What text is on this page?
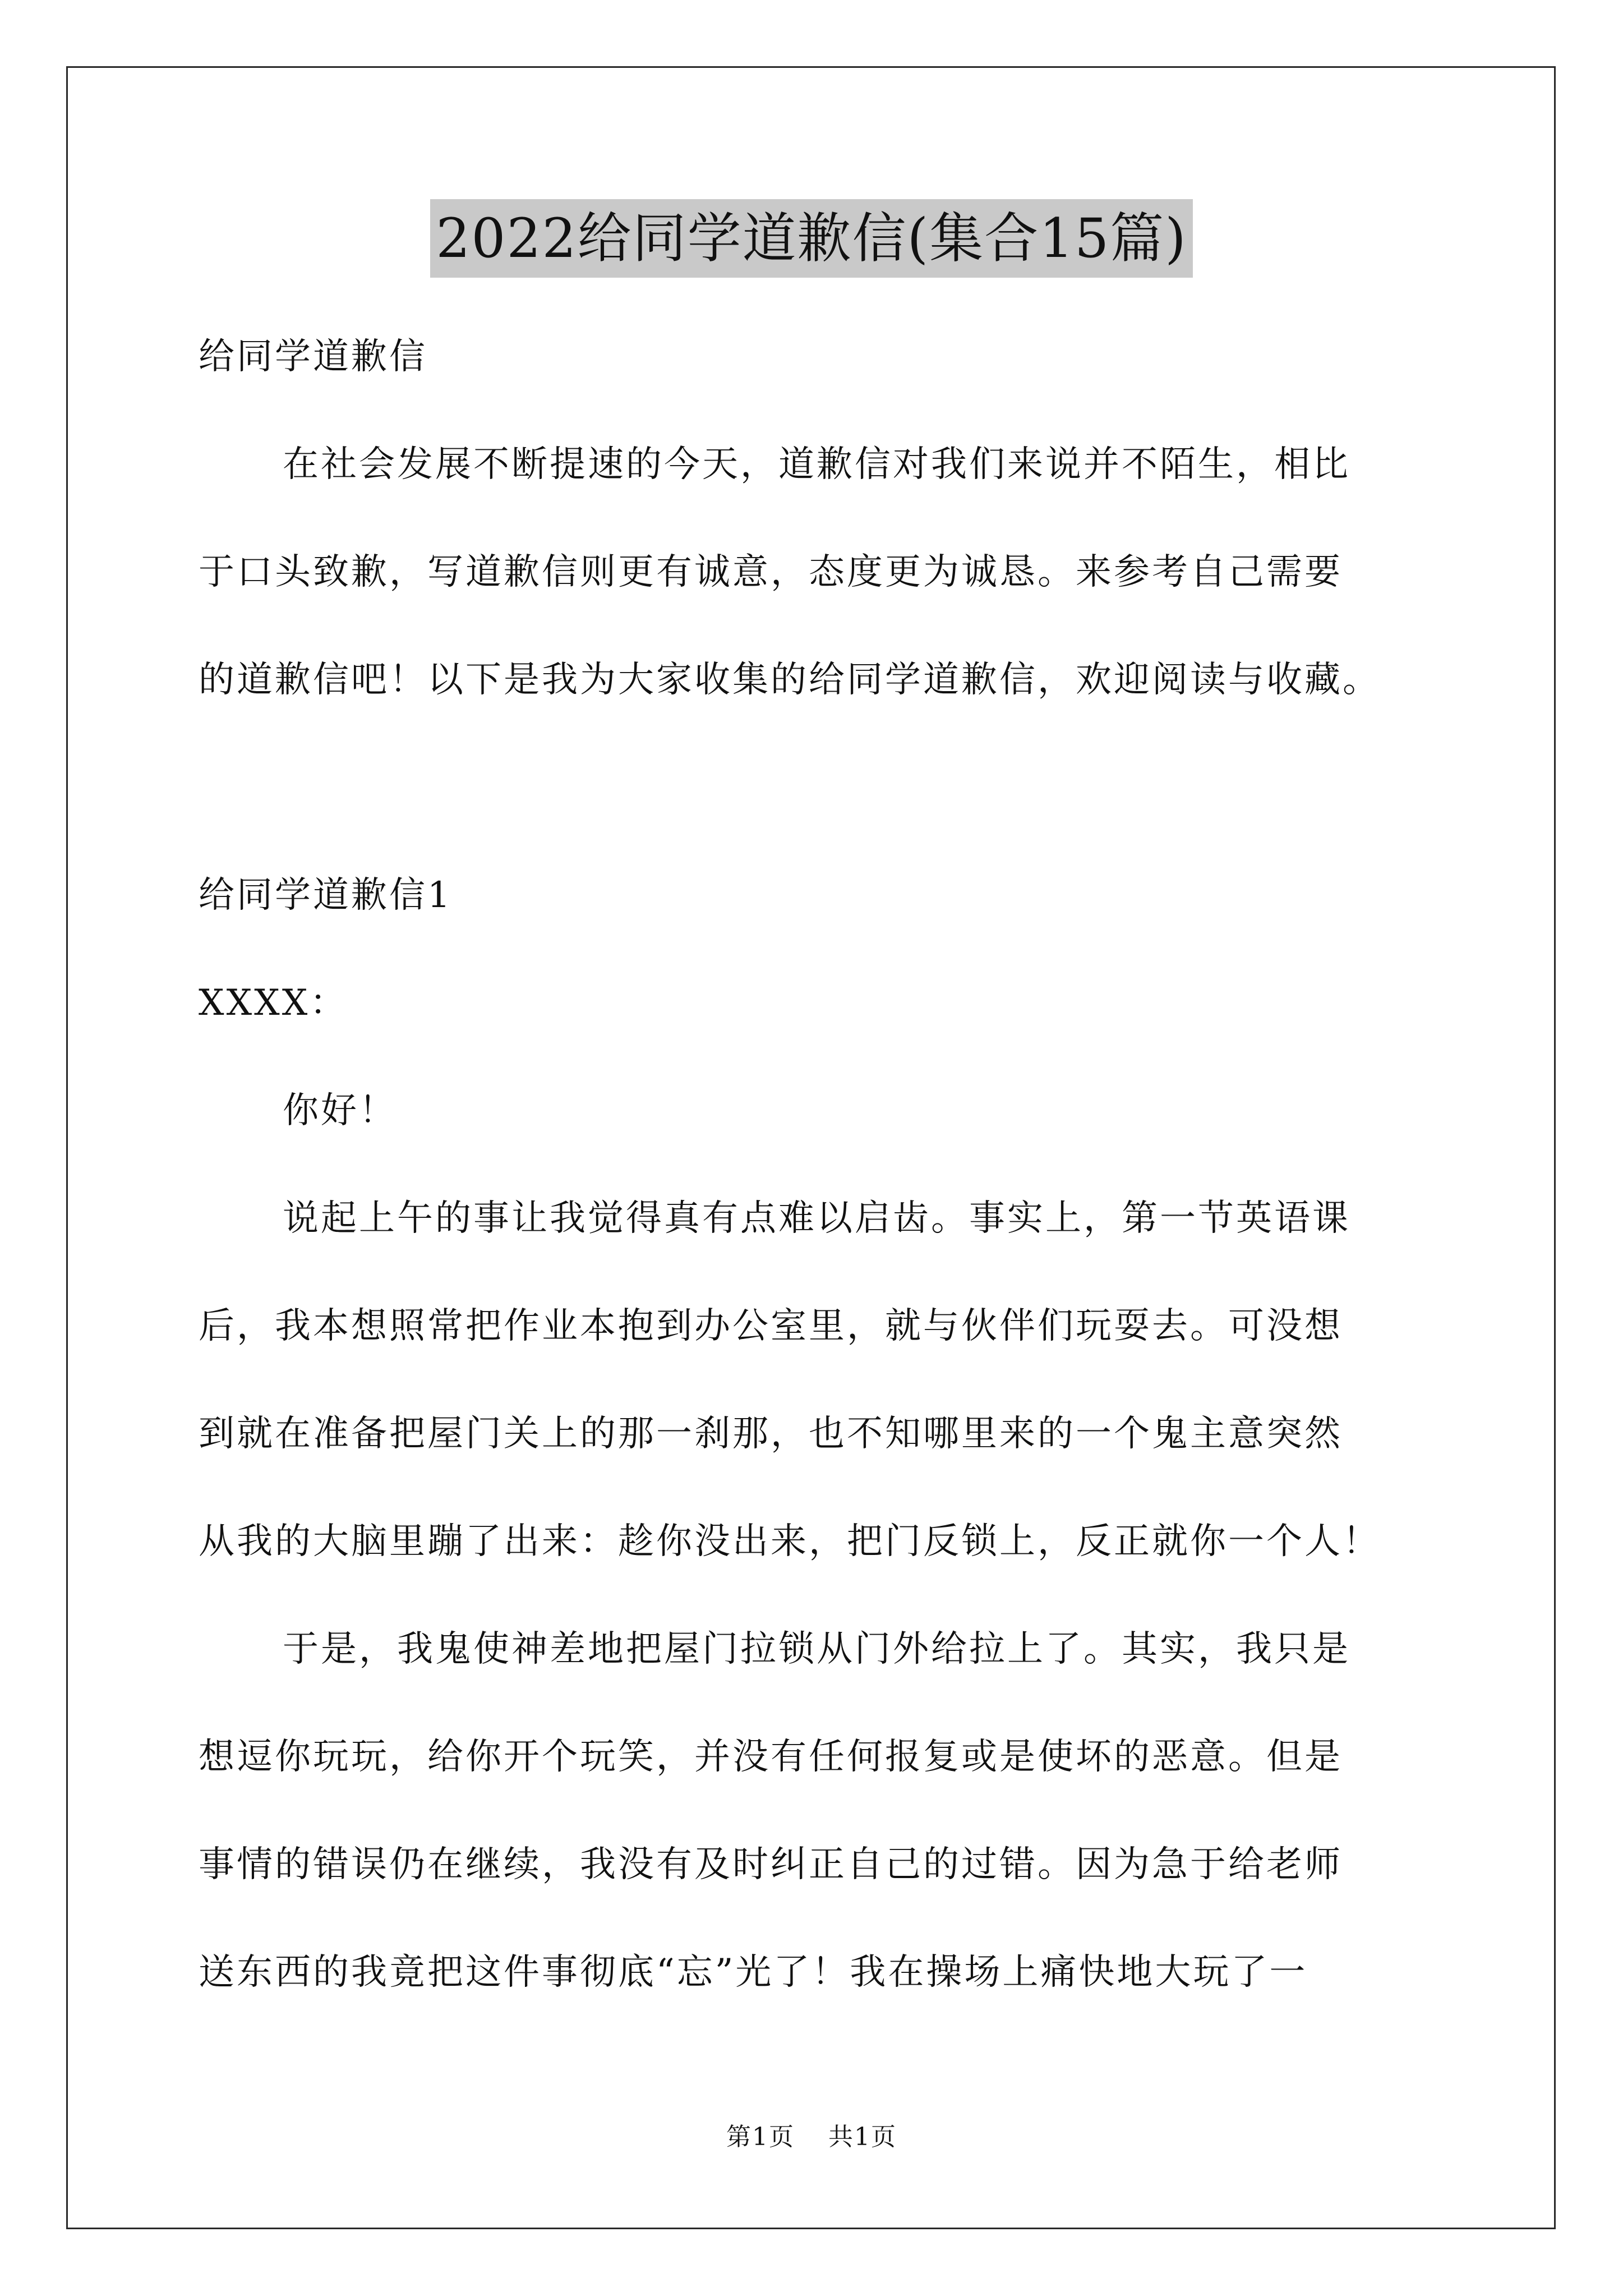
2022给同学道歉信(集合15篇)
给同学道歉信
在社会发展不断提速的今天，道歉信对我们来说并不陌生，相比
于口头致歉，写道歉信则更有诚意，态度更为诚恳。来参考自己需要
的道歉信吧！以下是我为大家收集的给同学道歉信，欢迎阅读与收藏。
给同学道歉信1
XXXX：
你好！
说起上午的事让我觉得真有点难以启齿。事实上，第一节英语课
后，我本想照常把作业本抱到办公室里，就与伙伴们玩耍去。可没想
到就在准备把屋门关上的那一刹那，也不知哪里来的一个鬼主意突然
从我的大脑里蹦了出来：趁你没出来，把门反锁上，反正就你一个人！
于是，我鬼使神差地把屋门拉锁从门外给拉上了。其实，我只是
想逗你玩玩，给你开个玩笑，并没有任何报复或是使坏的恶意。但是
事情的错误仍在继续，我没有及时纠正自己的过错。因为急于给老师
送东西的我竟把这件事彻底“忘”光了！我在操场上痛快地大玩了一
第1页 共1页
